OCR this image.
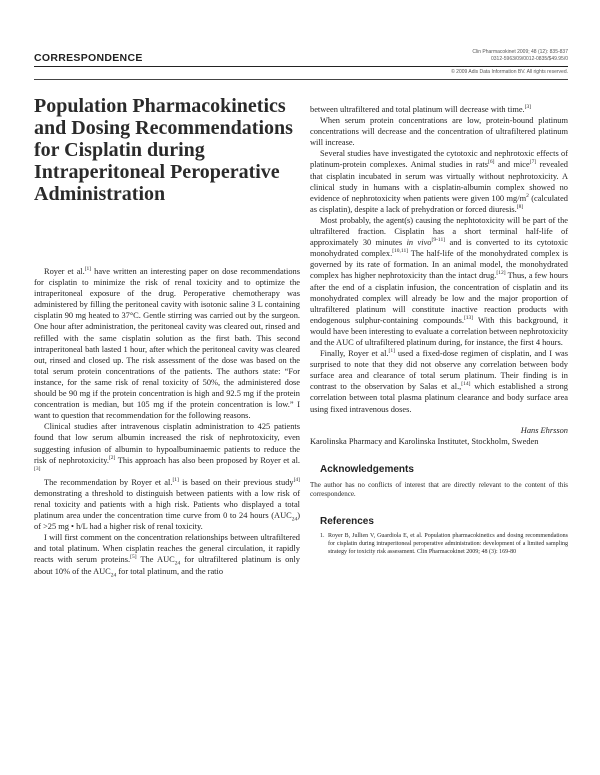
CORRESPONDENCE	Clin Pharmacokinet 2009; 48 (12): 835-837
0312-5963/09/0012-0835/$49.95/0
© 2009 Adis Data Information BV. All rights reserved.
Population Pharmacokinetics and Dosing Recommendations for Cisplatin during Intraperitoneal Peroperative Administration

Royer et al.[1] have written an interesting paper on dose recommendations for cisplatin to minimize the risk of renal toxicity and to optimize the intraperitoneal exposure of the drug. Peroperative chemotherapy was administered by filling the peritoneal cavity with isotonic saline 3 L containing cisplatin 90 mg heated to 37°C. Gentle stirring was carried out by the surgeon. One hour after administration, the peritoneal cavity was cleared out, rinsed and refilled with the same cisplatin solution as the first bath. This second intraperitoneal bath lasted 1 hour, after which the peritoneal cavity was cleared out, rinsed and closed up. The risk assessment of the dose was based on the total serum protein concentrations of the patients. The authors state: “For instance, for the same risk of renal toxicity of 50%, the administered dose should be 90 mg if the protein concentration is high and 92.5 mg if the protein concentration is median, but 105 mg if the protein concentration is low.” I want to question that recommendation for the following reasons.

Clinical studies after intravenous cisplatin administration to 425 patients found that low serum albumin increased the risk of nephrotoxicity, even suggesting infusion of albumin to hypoalbuminaemic patients to reduce the risk of nephrotoxicity.[2] This approach has also been proposed by Royer et al.[3]

The recommendation by Royer et al.[1] is based on their previous study[4] demonstrating a threshold to distinguish between patients with a low risk of renal toxicity and patients with a high risk. Patients who displayed a total platinum area under the concentration time curve from 0 to 24 hours $(AUC_{24})$ of >25 mg • h/L had a higher risk of renal toxicity.

I will first comment on the concentration relationships between ultrafiltered and total platinum. When cisplatin reaches the general circulation, it rapidly reacts with serum proteins.[5] The $AUC_{24}$ for ultrafiltered platinum is only about 10% of the $AUC_{24}$ for total platinum, and the ratio

between ultrafiltered and total platinum will decrease with time.[3]

When serum protein concentrations are low, protein-bound platinum concentrations will decrease and the concentration of ultrafiltered platinum will increase.

Several studies have investigated the cytotoxic and nephrotoxic effects of platinum-protein complexes. Animal studies in rats[6] and mice[7] revealed that cisplatin incubated in serum was virtually without nephrotoxicity. A clinical study in humans with a cisplatin-albumin complex showed no evidence of nephrotoxicity when patients were given 100 $mg/m^2$ (calculated as cisplatin), despite a lack of prehydration or forced diuresis.[8]

Most probably, the agent(s) causing the nephtotoxicity will be part of the ultrafiltered fraction. Cisplatin has a short terminal half-life of approximately 30 minutes in vivo[9-11] and is converted to its cytotoxic monohydrated complex.[10,11] The half-life of the monohydrated complex is governed by its rate of formation. In an animal model, the monohydrated complex has higher nephrotoxicity than the intact drug.[12] Thus, a few hours after the end of a cisplatin infusion, the concentration of cisplatin and its monohydrated complex will already be low and the major proportion of ultrafiltered platinum will constitute inactive reaction products with endogenous sulphur-containing compounds.[13] With this background, it would have been interesting to evaluate a correlation between nephrotoxicity and the AUC of ultrafiltered platinum during, for instance, the first 4 hours.

Finally, Royer et al.[1] used a fixed-dose regimen of cisplatin, and I was surprised to note that they did not observe any correlation between body surface area and clearance of total serum platinum. Their finding is in contrast to the observation by Salas et al.,[14] which established a strong correlation between total plasma platinum clearance and body surface area using fixed intravenous doses.

Hans Ehrsson

Karolinska Pharmacy and Karolinska Institutet, Stockholm, Sweden

Acknowledgements

The author has no conflicts of interest that are directly relevant to the content of this correspondence.

References
1. Royer B, Jullien V, Guardiola E, et al. Population pharmacokinetics and dosing recommendations for cisplatin during intraperitoneal peroperative administration: development of a limited sampling strategy for toxicity risk assessment. Clin Pharmacokinet 2009; 48 (3): 169-80
